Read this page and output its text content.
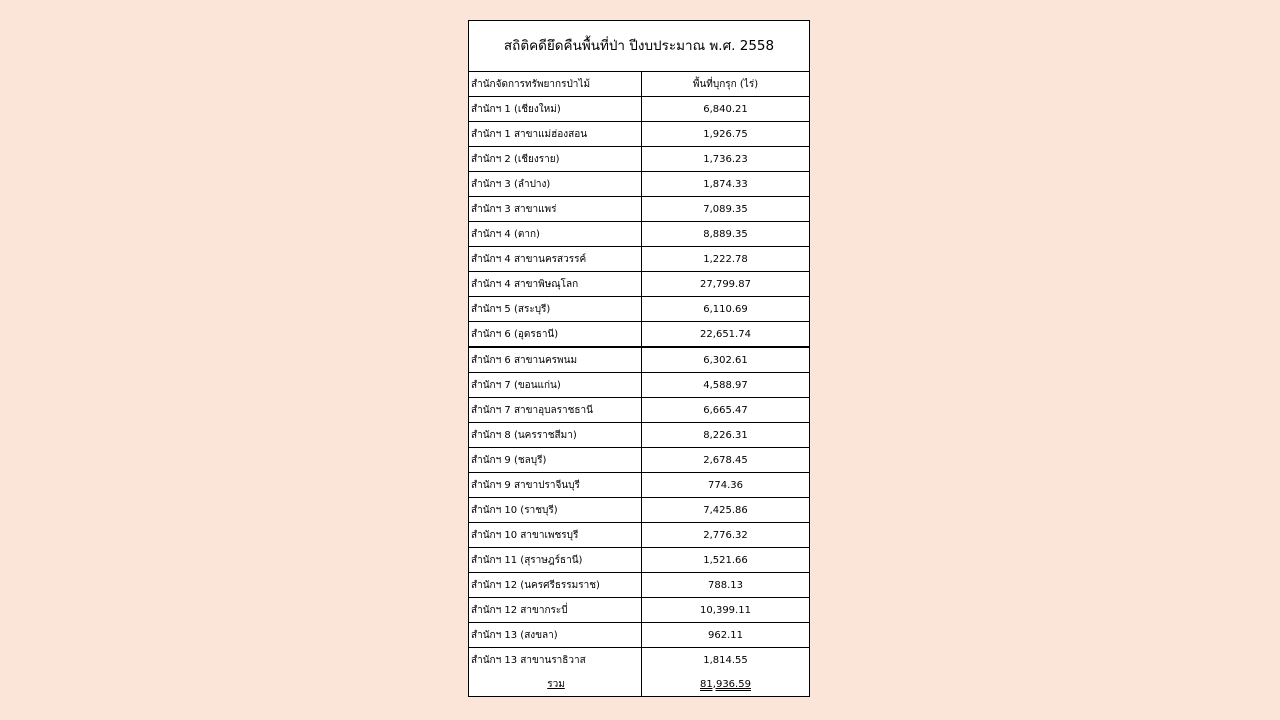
สถิติคดียึดคืนพื้นที่ป่า ปีงบประมาณ พ.ศ. 2558
สำนักจัดการทรัพยากรป่าไม้	พื้นที่บุกรุก (ไร่)
สำนักฯ 1 (เชียงใหม่)	6,840.21
สำนักฯ 1 สาขาแม่ฮ่องสอน	1,926.75
สำนักฯ 2 (เชียงราย)	1,736.23
สำนักฯ 3 (ลำปาง)	1,874.33
สำนักฯ 3 สาขาแพร่	7,089.35
สำนักฯ 4 (ตาก)	8,889.35
สำนักฯ 4 สาขานครสวรรค์	1,222.78
สำนักฯ 4 สาขาพิษณุโลก	27,799.87
สำนักฯ 5 (สระบุรี)	6,110.69
สำนักฯ 6 (อุดรธานี)	22,651.74
สำนักฯ 6 สาขานครพนม	6,302.61
สำนักฯ 7 (ขอนแก่น)	4,588.97
สำนักฯ 7 สาขาอุบลราชธานี	6,665.47
สำนักฯ 8 (นครราชสีมา)	8,226.31
สำนักฯ 9 (ชลบุรี)	2,678.45
สำนักฯ 9 สาขาปราจีนบุรี	774.36
สำนักฯ 10 (ราชบุรี)	7,425.86
สำนักฯ 10 สาขาเพชรบุรี	2,776.32
สำนักฯ 11 (สุราษฎร์ธานี)	1,521.66
สำนักฯ 12 (นครศรีธรรมราช)	788.13
สำนักฯ 12 สาขากระบี่	10,399.11
สำนักฯ 13 (สงขลา)	962.11
สำนักฯ 13 สาขานราธิวาส	1,814.55
รวม	81,936.59
